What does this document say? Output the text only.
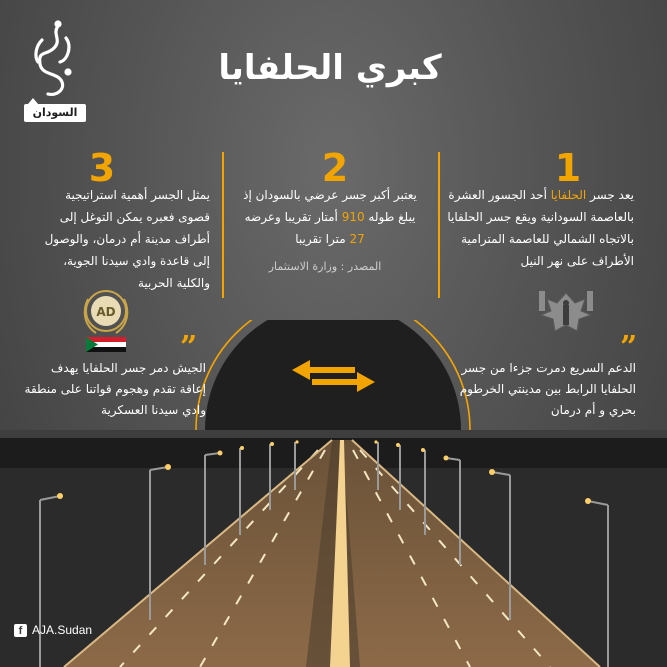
السودان
كبري الحلفايا
1
يعد جسر الحلفايا أحد الجسور العشرة بالعاصمة السودانية ويقع جسر الحلفايا بالاتجاه الشمالي للعاصمة المترامية الأطراف على نهر النيل
2
يعتبر أكبر جسر عرضي بالسودان إذ يبلغ طوله 910 أمتار تقريبا وعرضه 27 مترا تقريبا
المصدر : وزارة الاستثمار
3
يمثل الجسر أهمية استراتيجية قصوى فعبره يمكن التوغل إلى أطراف مدينة أم درمان، والوصول إلى قاعدة وادي سيدنا الجوية، والكلية الحربية
AD
”
”
الدعم السريع دمرت جزءا من جسر الحلفايا الرابط بين مدينتي الخرطوم بحري و أم درمان
الجيش دمر جسر الحلفايا يهدف إعاقة تقدم وهجوم قواتنا على منطقة وادي سيدنا العسكرية
f AJA.Sudan
